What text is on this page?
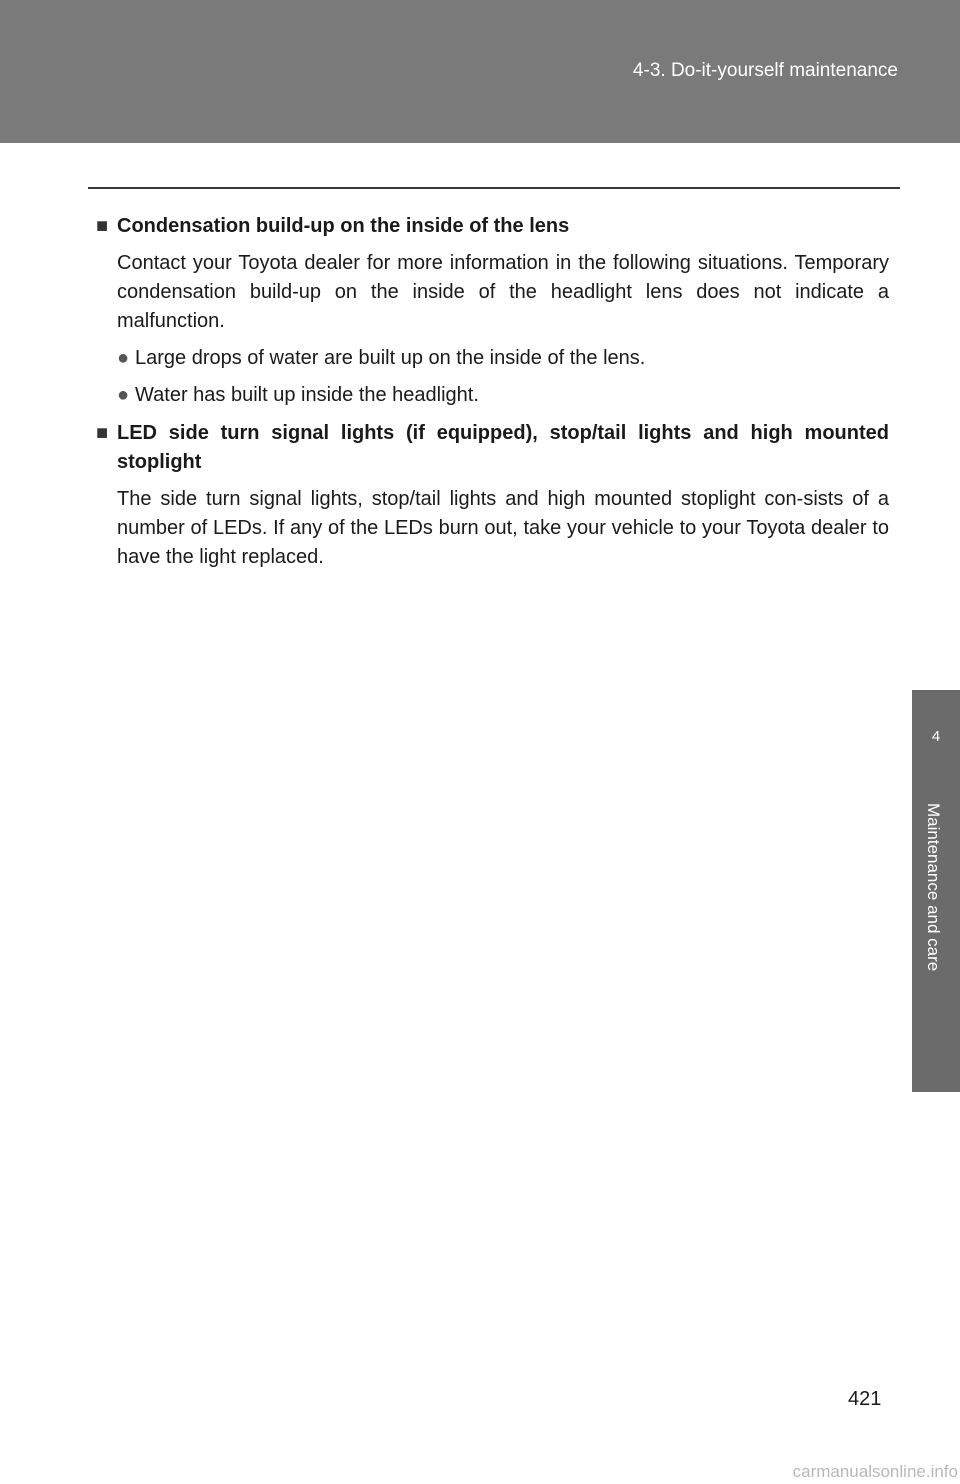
4-3. Do-it-yourself maintenance

■ Condensation build-up on the inside of the lens

Contact your Toyota dealer for more information in the following situations. Temporary condensation build-up on the inside of the headlight lens does not indicate a malfunction.

● Large drops of water are built up on the inside of the lens.

● Water has built up inside the headlight.

■ LED side turn signal lights (if equipped), stop/tail lights and high mounted stoplight

The side turn signal lights, stop/tail lights and high mounted stoplight con-sists of a number of LEDs. If any of the LEDs burn out, take your vehicle to your Toyota dealer to have the light replaced.

4
Maintenance and care
421
carmanualsonline.info
